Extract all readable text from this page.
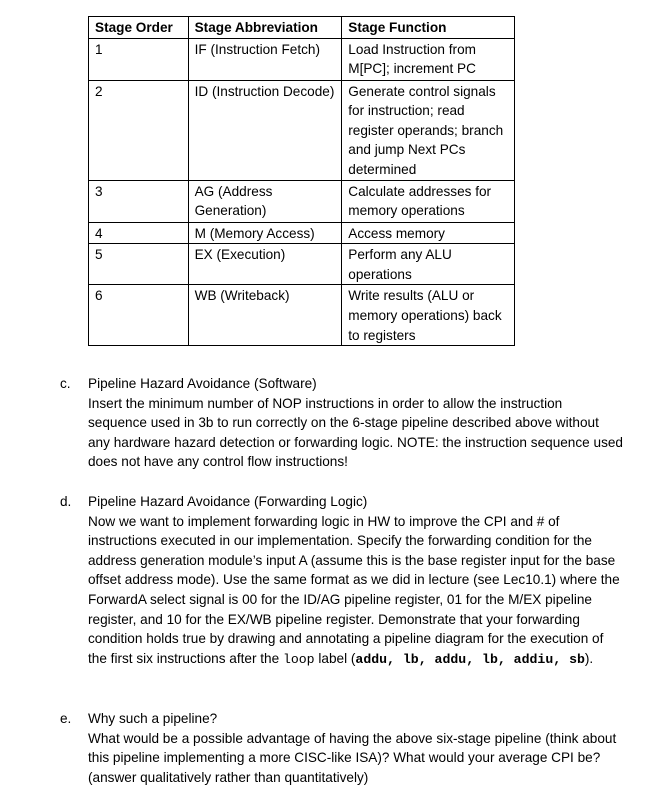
Stage Order	Stage Abbreviation	Stage Function
1	IF (Instruction Fetch)	Load Instruction from M[PC]; increment PC
2	ID (Instruction Decode)	Generate control signals for instruction; read register operands; branch and jump Next PCs determined
3	AG (Address Generation)	Calculate addresses for memory operations
4	M (Memory Access)	Access memory
5	EX (Execution)	Perform any ALU operations
6	WB (Writeback)	Write results (ALU or memory operations) back to registers
c. Pipeline Hazard Avoidance (Software)
Insert the minimum number of NOP instructions in order to allow the instruction sequence used in 3b to run correctly on the 6-stage pipeline described above without any hardware hazard detection or forwarding logic. NOTE: the instruction sequence used does not have any control flow instructions!
d. Pipeline Hazard Avoidance (Forwarding Logic)
Now we want to implement forwarding logic in HW to improve the CPI and # of instructions executed in our implementation. Specify the forwarding condition for the address generation module’s input A (assume this is the base register input for the base offset address mode). Use the same format as we did in lecture (see Lec10.1) where the ForwardA select signal is 00 for the ID/AG pipeline register, 01 for the M/EX pipeline register, and 10 for the EX/WB pipeline register. Demonstrate that your forwarding condition holds true by drawing and annotating a pipeline diagram for the execution of the first six instructions after the loop label (addu, lb, addu, lb, addiu, sb).
e. Why such a pipeline?
What would be a possible advantage of having the above six-stage pipeline (think about this pipeline implementing a more CISC-like ISA)? What would your average CPI be? (answer qualitatively rather than quantitatively)
